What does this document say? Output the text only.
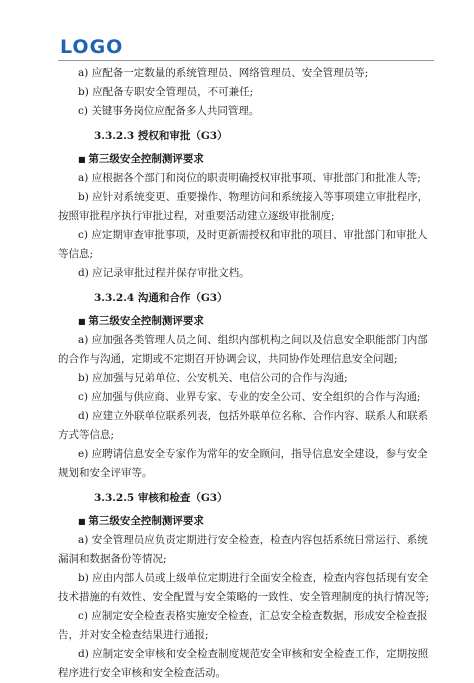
LOGO
a) 应配备一定数量的系统管理员、网络管理员、安全管理员等;
b) 应配备专职安全管理员，不可兼任;
c) 关键事务岗位应配备多人共同管理。
3.3.2.3 授权和审批（G3）
■ 第三级安全控制测评要求
a) 应根据各个部门和岗位的职责明确授权审批事项、审批部门和批准人等;
b) 应针对系统变更、重要操作、物理访问和系统接入等事项建立审批程序，按照审批程序执行审批过程，对重要活动建立逐级审批制度;
c) 应定期审查审批事项，及时更新需授权和审批的项目、审批部门和审批人等信息;
d) 应记录审批过程并保存审批文档。
3.3.2.4 沟通和合作（G3）
■ 第三级安全控制测评要求
a) 应加强各类管理人员之间、组织内部机构之间以及信息安全职能部门内部的合作与沟通，定期或不定期召开协调会议，共同协作处理信息安全问题;
b) 应加强与兄弟单位、公安机关、电信公司的合作与沟通;
c) 应加强与供应商、业界专家、专业的安全公司、安全组织的合作与沟通;
d) 应建立外联单位联系列表，包括外联单位名称、合作内容、联系人和联系方式等信息;
e) 应聘请信息安全专家作为常年的安全顾问，指导信息安全建设，参与安全规划和安全评审等。
3.3.2.5 审核和检查（G3）
■ 第三级安全控制测评要求
a) 安全管理员应负责定期进行安全检查，检查内容包括系统日常运行、系统漏洞和数据备份等情况;
b) 应由内部人员或上级单位定期进行全面安全检查，检查内容包括现有安全技术措施的有效性、安全配置与安全策略的一致性、安全管理制度的执行情况等;
c) 应制定安全检查表格实施安全检查，汇总安全检查数据，形成安全检查报告，并对安全检查结果进行通报;
d) 应制定安全审核和安全检查制度规范安全审核和安全检查工作，定期按照程序进行安全审核和安全检查活动。
